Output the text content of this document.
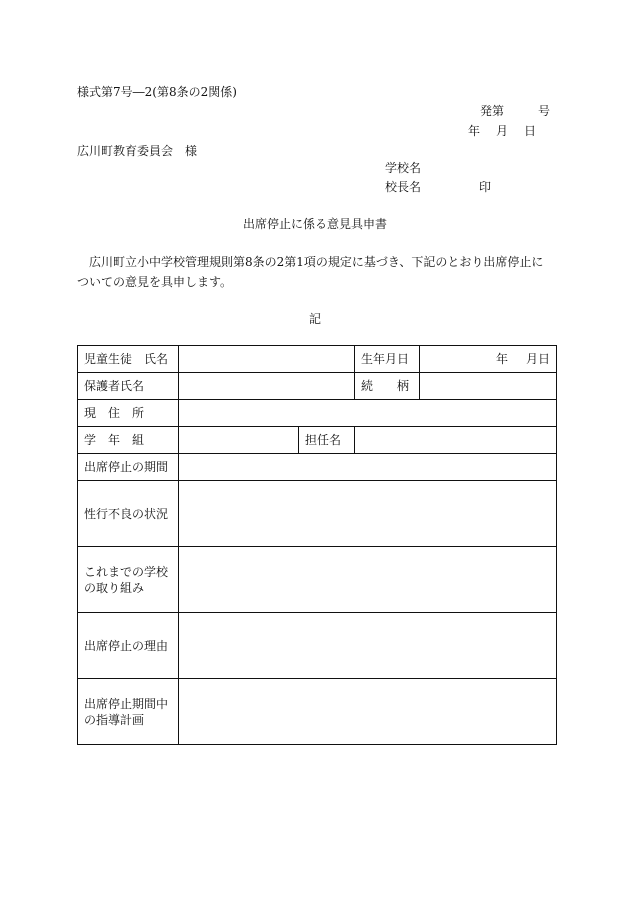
様式第7号―2(第8条の2関係)
発第	号
年 月 日
広川町教育委員会　様
学校名
校長名	印
出席停止に係る意見具申書
広川町立小中学校管理規則第8条の2第1項の規定に基づき、下記のとおり出席停止についての意見を具申します。
記
児童生徒　氏名			生年月日	年 月日
保護者氏名			続　　柄	
現　住　所				
学　年　組		担任名		
出席停止の期間				
性行不良の状況				
これまでの学校の取り組み				
出席停止の理由				
出席停止期間中の指導計画				
